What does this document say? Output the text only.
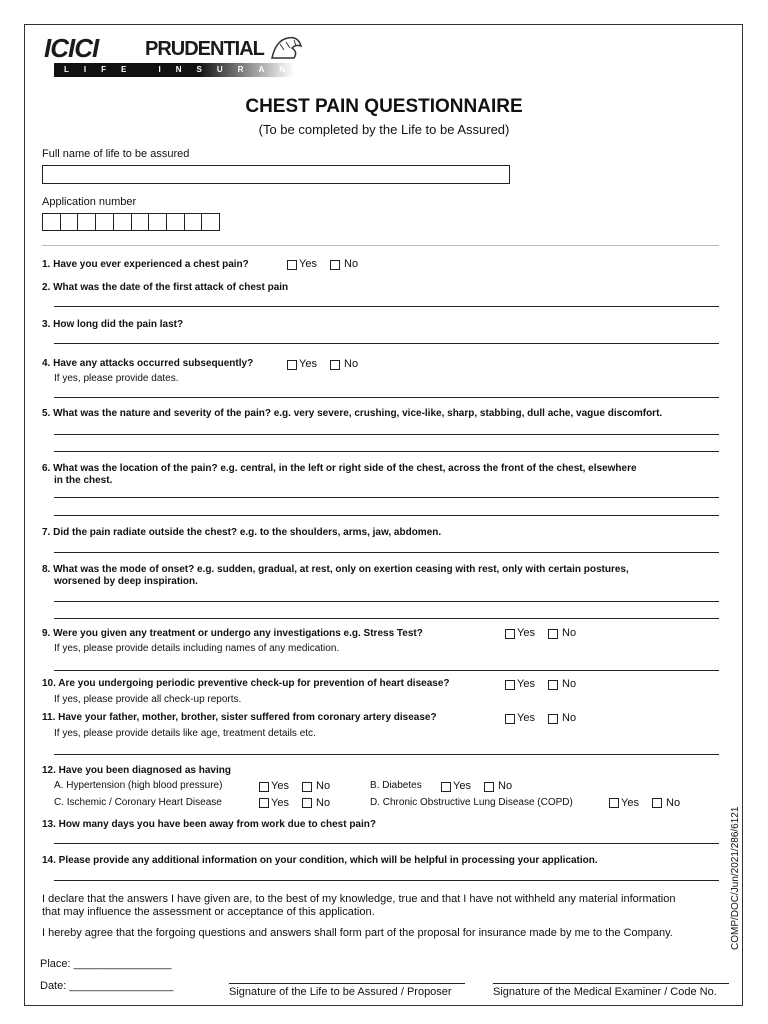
ICICI PRUDENTIAL
LIFE INSURANCE
CHEST PAIN QUESTIONNAIRE
(To be completed by the Life to be Assured)
Full name of life to be assured
Application number
1. Have you ever experienced a chest pain?	Yes No
2. What was the date of the first attack of chest pain
3. How long did the pain last?
4. Have any attacks occurred subsequently?	Yes No
If yes, please provide dates.
5. What was the nature and severity of the pain? e.g. very severe, crushing, vice-like, sharp, stabbing, dull ache, vague discomfort.
6. What was the location of the pain? e.g. central, in the left or right side of the chest, across the front of the chest, elsewhere
in the chest.
7. Did the pain radiate outside the chest? e.g. to the shoulders, arms, jaw, abdomen.
8. What was the mode of onset? e.g. sudden, gradual, at rest, only on exertion ceasing with rest, only with certain postures,
worsened by deep inspiration.
9. Were you given any treatment or undergo any investigations e.g. Stress Test?	Yes No
If yes, please provide details including names of any medication.
10. Are you undergoing periodic preventive check-up for prevention of heart disease?	Yes No
If yes, please provide all check-up reports.
11. Have your father, mother, brother, sister suffered from coronary artery disease?	Yes No
If yes, please provide details like age, treatment details etc.
12. Have you been diagnosed as having
A. Hypertension (high blood pressure)	Yes No	B. Diabetes	Yes No
C. Ischemic / Coronary Heart Disease	Yes No	D. Chronic Obstructive Lung Disease (COPD)	Yes No
13. How many days you have been away from work due to chest pain?
14. Please provide any additional information on your condition, which will be helpful in processing your application.
I declare that the answers I have given are, to the best of my knowledge, true and that I have not withheld any material information
that may influence the assessment or acceptance of this application.
I hereby agree that the forgoing questions and answers shall form part of the proposal for insurance made by me to the Company.
Place: ________________
Date: _________________	Signature of the Life to be Assured / Proposer	Signature of the Medical Examiner / Code No.
COMP/DOC/Jun/2021/286/6121
